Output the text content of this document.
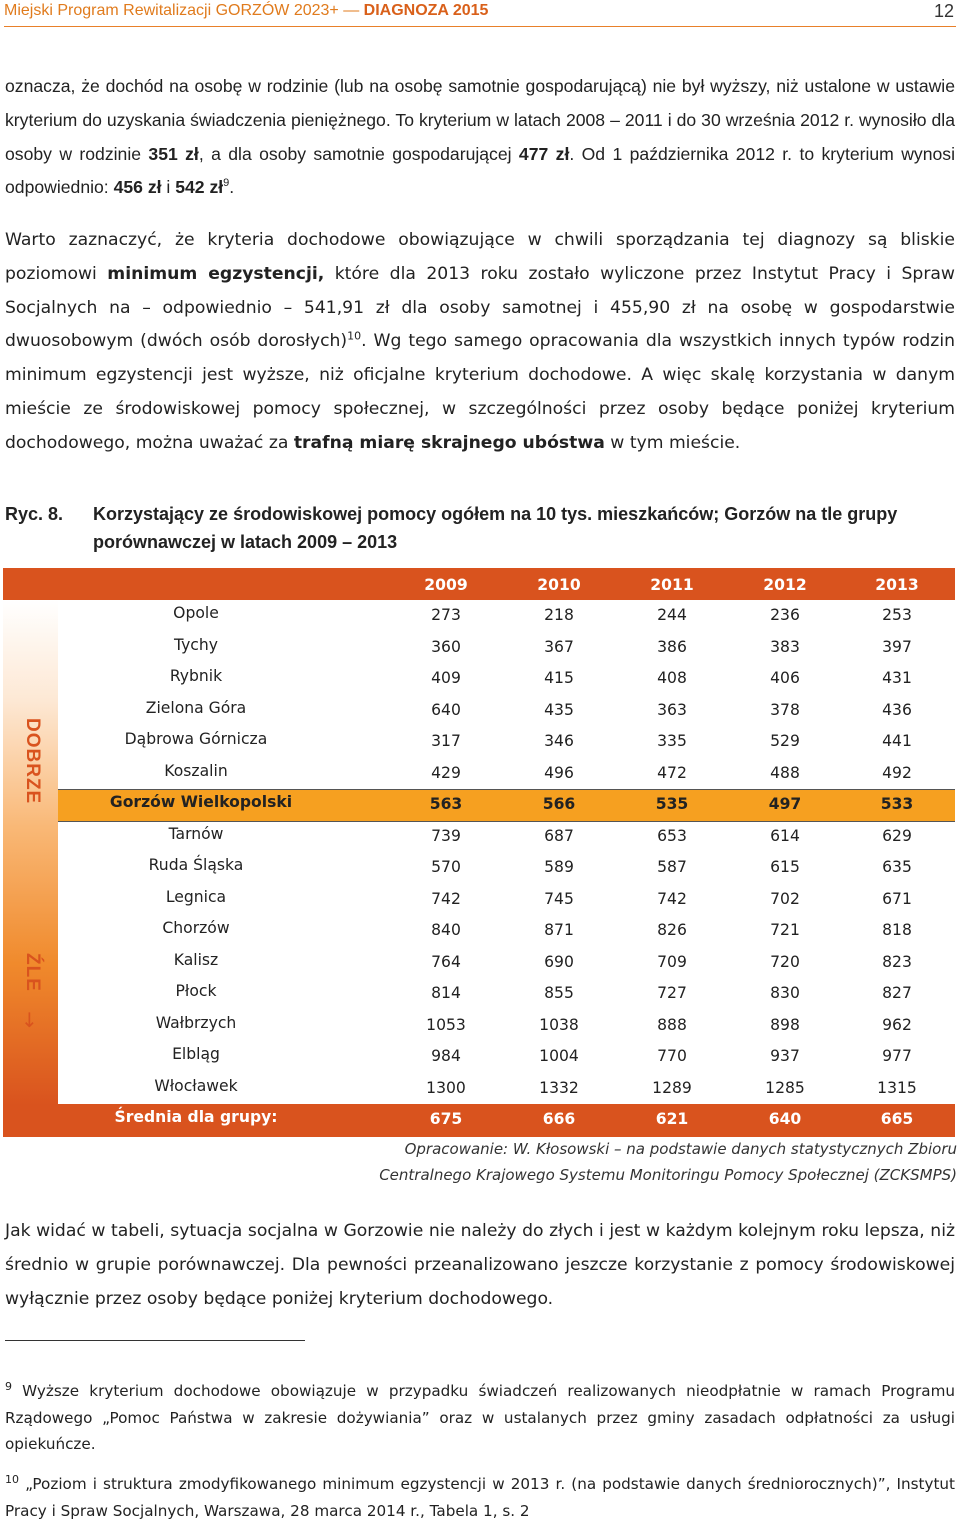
Miejski Program Rewitalizacji GORZÓW 2023+ — DIAGNOZA 2015	12
oznacza, że dochód na osobę w rodzinie (lub na osobę samotnie gospodarującą) nie był wyższy, niż ustalone w ustawie kryterium do uzyskania świadczenia pieniężnego. To kryterium w latach 2008 – 2011 i do 30 września 2012 r. wynosiło dla osoby w rodzinie 351 zł, a dla osoby samotnie gospodarującej 477 zł. Od 1 października 2012 r. to kryterium wynosi odpowiednio: 456 zł i 542 $zł^9$.
Warto zaznaczyć, że kryteria dochodowe obowiązujące w chwili sporządzania tej diagnozy są bliskie poziomowi minimum egzystencji, które dla 2013 roku zostało wyliczone przez Instytut Pracy i Spraw Socjalnych na – odpowiednio – 541,91 zł dla osoby samotnej i 455,90 zł na osobę w gospodarstwie dwuosobowym (dwóch osób dorosłych)$^{10}$. Wg tego samego opracowania dla wszystkich innych typów rodzin minimum egzystencji jest wyższe, niż oficjalne kryterium dochodowe. A więc skalę korzystania w danym mieście ze środowiskowej pomocy społecznej, w szczególności przez osoby będące poniżej kryterium dochodowego, można uważać za trafną miarę skrajnego ubóstwa w tym mieście.
Ryc. 8. Korzystający ze środowiskowej pomocy ogółem na 10 tys. mieszkańców; Gorzów na tle grupy porównawczej w latach 2009 – 2013
DOBRZE
ŹLE
↓
2009	2010	2011	2012	2013
Opole	273	218	244	236	253
Tychy	360	367	386	383	397
Rybnik	409	415	408	406	431
Zielona Góra	640	435	363	378	436
Dąbrowa Górnicza	317	346	335	529	441
Koszalin	429	496	472	488	492
Gorzów Wielkopolski	563	566	535	497	533
Tarnów	739	687	653	614	629
Ruda Śląska	570	589	587	615	635
Legnica	742	745	742	702	671
Chorzów	840	871	826	721	818
Kalisz	764	690	709	720	823
Płock	814	855	727	830	827
Wałbrzych	1053	1038	888	898	962
Elbląg	984	1004	770	937	977
Włocławek	1300	1332	1289	1285	1315
Średnia dla grupy:	675	666	621	640	665
Opracowanie: W. Kłosowski – na podstawie danych statystycznych Zbioru
Centralnego Krajowego Systemu Monitoringu Pomocy Społecznej (ZCKSMPS)
Jak widać w tabeli, sytuacja socjalna w Gorzowie nie należy do złych i jest w każdym kolejnym roku lepsza, niż średnio w grupie porównawczej. Dla pewności przeanalizowano jeszcze korzystanie z pomocy środowiskowej wyłącznie przez osoby będące poniżej kryterium dochodowego.
$^9$ Wyższe kryterium dochodowe obowiązuje w przypadku świadczeń realizowanych nieodpłatnie w ramach Programu Rządowego „Pomoc Państwa w zakresie dożywiania” oraz w ustalanych przez gminy zasadach odpłatności za usługi opiekuńcze.
$^{10}$ „Poziom i struktura zmodyfikowanego minimum egzystencji w 2013 r. (na podstawie danych średniorocznych)”, Instytut Pracy i Spraw Socjalnych, Warszawa, 28 marca 2014 r., Tabela 1, s. 2
